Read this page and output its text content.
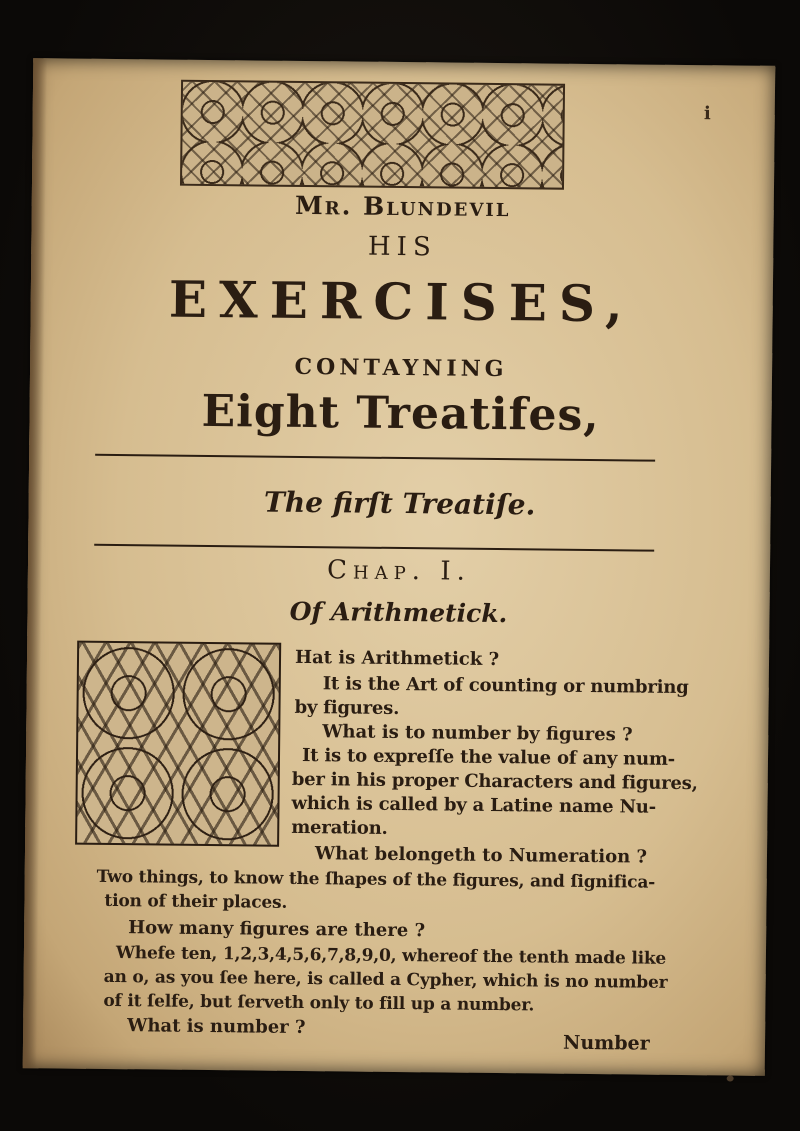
i

Mr. Blundevil

HIS

EXERCISES,

CONTAYNING

Eight Treatifes,

The firſt Treatiſe.

Chap. I.

Of Arithmetick.

Hat is Arithmetick ?

It is the Art of counting or numbring

by figures.

What is to number by figures ?

It is to expreſſe the value of any num-

ber in his proper Characters and figures,

which is called by a Latine name Nu-

meration.

What belongeth to Numeration ?

Two things, to know the ſhapes of the figures, and ſignifica-

tion of their places.

How many figures are there ?

Whefe ten, 1,2,3,4,5,6,7,8,9,0, whereof the tenth made like

an o, as you ſee here, is called a Cypher, which is no number

of it ſelfe, but ſerveth only to fill up a number.

What is number ?

Number
